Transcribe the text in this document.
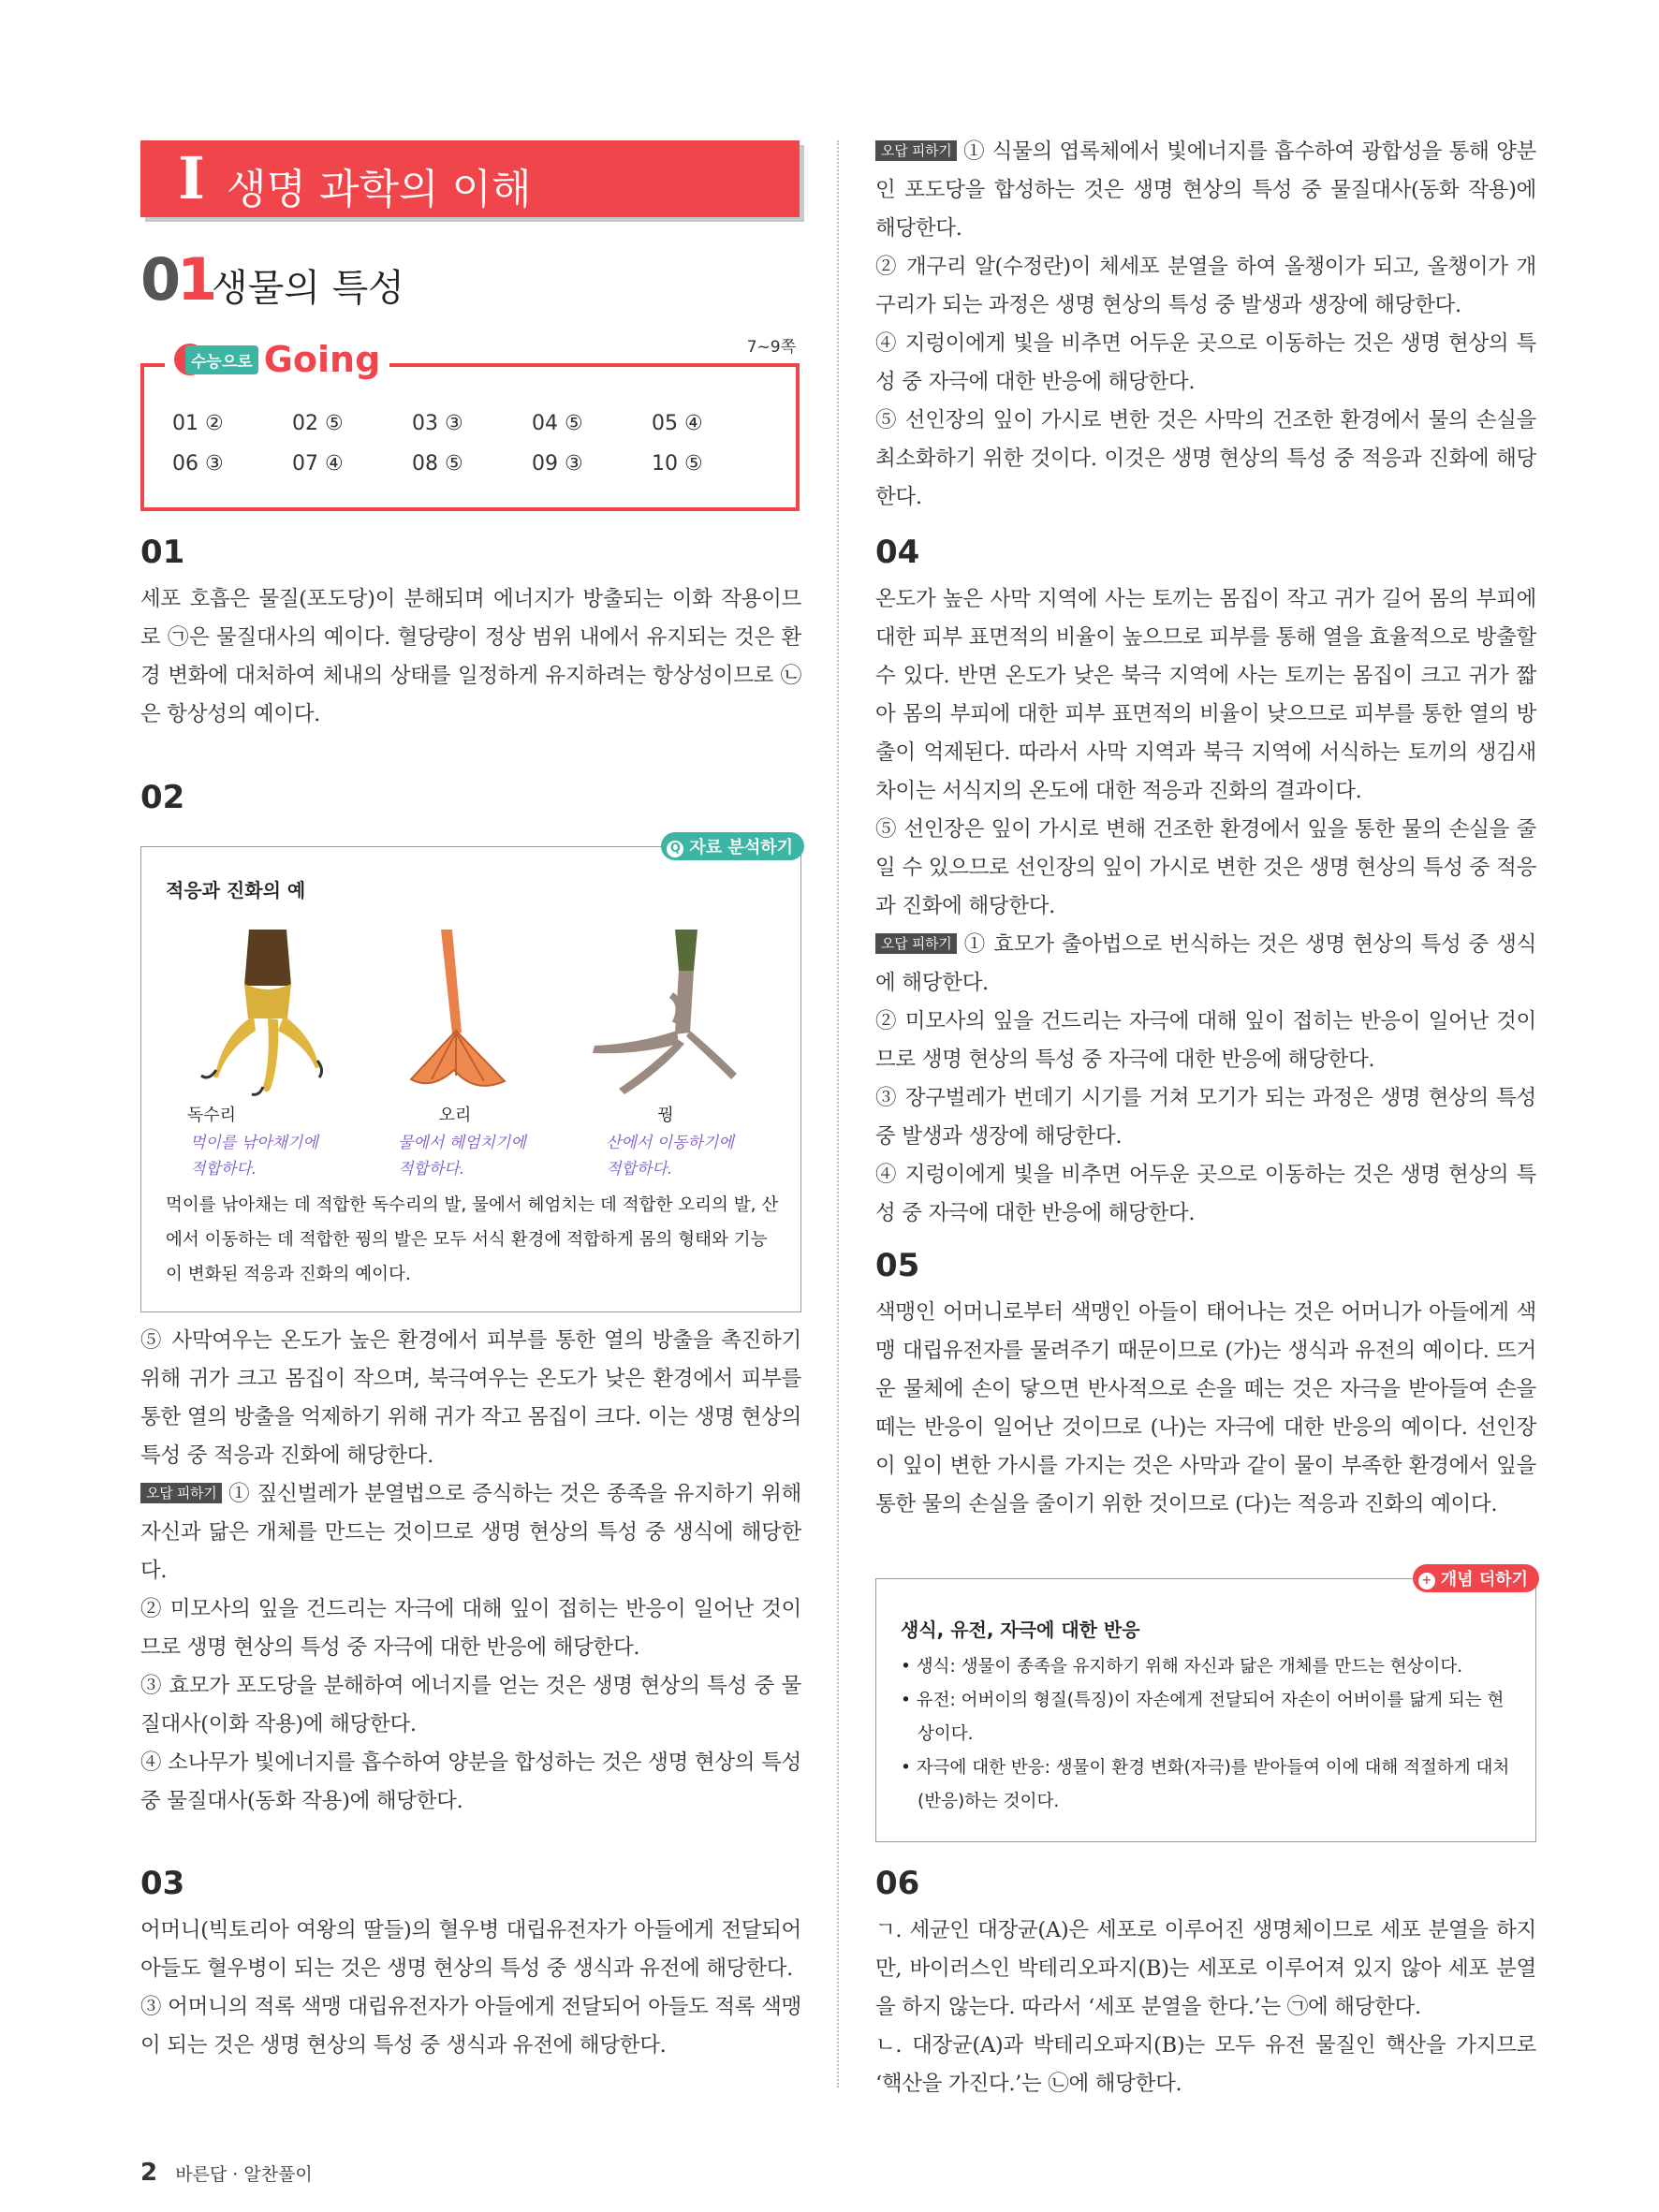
I 생명 과학의 이해
01
생물의 특성
수능으로 Going	7~9쪽
01 ②	02 ⑤	03 ③	04 ⑤	05 ④
06 ③	07 ④	08 ⑤	09 ③	10 ⑤
01

세포 호흡은 물질(포도당)이 분해되며 에너지가 방출되는 이화 작용이므로 ㉠은 물질대사의 예이다. 혈당량이 정상 범위 내에서 유지되는 것은 환경 변화에 대처하여 체내의 상태를 일정하게 유지하려는 항상성이므로 ㉡은 항상성의 예이다.

02
Q 자료 분석하기
적응과 진화의 예
독수리	오리	꿩
먹이를 낚아채기에
적합하다.
물에서 헤엄치기에
적합하다.
산에서 이동하기에
적합하다.
먹이를 낚아채는 데 적합한 독수리의 발, 물에서 헤엄치는 데 적합한 오리의 발, 산에서 이동하는 데 적합한 꿩의 발은 모두 서식 환경에 적합하게 몸의 형태와 기능이 변화된 적응과 진화의 예이다.

⑤ 사막여우는 온도가 높은 환경에서 피부를 통한 열의 방출을 촉진하기 위해 귀가 크고 몸집이 작으며, 북극여우는 온도가 낮은 환경에서 피부를 통한 열의 방출을 억제하기 위해 귀가 작고 몸집이 크다. 이는 생명 현상의 특성 중 적응과 진화에 해당한다.

오답 피하기 ① 짚신벌레가 분열법으로 증식하는 것은 종족을 유지하기 위해 자신과 닮은 개체를 만드는 것이므로 생명 현상의 특성 중 생식에 해당한다.

② 미모사의 잎을 건드리는 자극에 대해 잎이 접히는 반응이 일어난 것이므로 생명 현상의 특성 중 자극에 대한 반응에 해당한다.

③ 효모가 포도당을 분해하여 에너지를 얻는 것은 생명 현상의 특성 중 물질대사(이화 작용)에 해당한다.

④ 소나무가 빛에너지를 흡수하여 양분을 합성하는 것은 생명 현상의 특성 중 물질대사(동화 작용)에 해당한다.

03

어머니(빅토리아 여왕의 딸들)의 혈우병 대립유전자가 아들에게 전달되어 아들도 혈우병이 되는 것은 생명 현상의 특성 중 생식과 유전에 해당한다.

③ 어머니의 적록 색맹 대립유전자가 아들에게 전달되어 아들도 적록 색맹이 되는 것은 생명 현상의 특성 중 생식과 유전에 해당한다.

오답 피하기 ① 식물의 엽록체에서 빛에너지를 흡수하여 광합성을 통해 양분인 포도당을 합성하는 것은 생명 현상의 특성 중 물질대사(동화 작용)에 해당한다.

② 개구리 알(수정란)이 체세포 분열을 하여 올챙이가 되고, 올챙이가 개구리가 되는 과정은 생명 현상의 특성 중 발생과 생장에 해당한다.

④ 지렁이에게 빛을 비추면 어두운 곳으로 이동하는 것은 생명 현상의 특성 중 자극에 대한 반응에 해당한다.

⑤ 선인장의 잎이 가시로 변한 것은 사막의 건조한 환경에서 물의 손실을 최소화하기 위한 것이다. 이것은 생명 현상의 특성 중 적응과 진화에 해당한다.

04

온도가 높은 사막 지역에 사는 토끼는 몸집이 작고 귀가 길어 몸의 부피에 대한 피부 표면적의 비율이 높으므로 피부를 통해 열을 효율적으로 방출할 수 있다. 반면 온도가 낮은 북극 지역에 사는 토끼는 몸집이 크고 귀가 짧아 몸의 부피에 대한 피부 표면적의 비율이 낮으므로 피부를 통한 열의 방출이 억제된다. 따라서 사막 지역과 북극 지역에 서식하는 토끼의 생김새 차이는 서식지의 온도에 대한 적응과 진화의 결과이다.

⑤ 선인장은 잎이 가시로 변해 건조한 환경에서 잎을 통한 물의 손실을 줄일 수 있으므로 선인장의 잎이 가시로 변한 것은 생명 현상의 특성 중 적응과 진화에 해당한다.

오답 피하기 ① 효모가 출아법으로 번식하는 것은 생명 현상의 특성 중 생식에 해당한다.

② 미모사의 잎을 건드리는 자극에 대해 잎이 접히는 반응이 일어난 것이므로 생명 현상의 특성 중 자극에 대한 반응에 해당한다.

③ 장구벌레가 번데기 시기를 거쳐 모기가 되는 과정은 생명 현상의 특성 중 발생과 생장에 해당한다.

④ 지렁이에게 빛을 비추면 어두운 곳으로 이동하는 것은 생명 현상의 특성 중 자극에 대한 반응에 해당한다.

05

색맹인 어머니로부터 색맹인 아들이 태어나는 것은 어머니가 아들에게 색맹 대립유전자를 물려주기 때문이므로 (가)는 생식과 유전의 예이다. 뜨거운 물체에 손이 닿으면 반사적으로 손을 떼는 것은 자극을 받아들여 손을 떼는 반응이 일어난 것이므로 (나)는 자극에 대한 반응의 예이다. 선인장이 잎이 변한 가시를 가지는 것은 사막과 같이 물이 부족한 환경에서 잎을 통한 물의 손실을 줄이기 위한 것이므로 (다)는 적응과 진화의 예이다.

+ 개념 더하기
생식, 유전, 자극에 대한 반응
• 생식: 생물이 종족을 유지하기 위해 자신과 닮은 개체를 만드는 현상이다.
• 유전: 어버이의 형질(특징)이 자손에게 전달되어 자손이 어버이를 닮게 되는 현상이다.
• 자극에 대한 반응: 생물이 환경 변화(자극)를 받아들여 이에 대해 적절하게 대처(반응)하는 것이다.
06

ㄱ. 세균인 대장균(A)은 세포로 이루어진 생명체이므로 세포 분열을 하지만, 바이러스인 박테리오파지(B)는 세포로 이루어져 있지 않아 세포 분열을 하지 않는다. 따라서 ‘세포 분열을 한다.’는 ㉠에 해당한다.

ㄴ. 대장균(A)과 박테리오파지(B)는 모두 유전 물질인 핵산을 가지므로 ‘핵산을 가진다.’는 ㉡에 해당한다.

2 바른답 · 알찬풀이
